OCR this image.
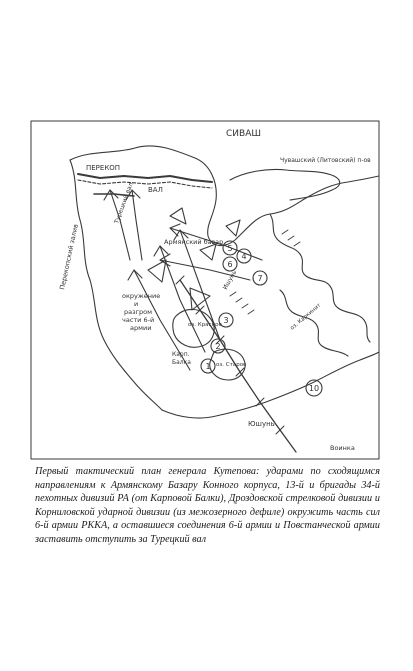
1
2
3
4
5
6
7
10
СИВАШ
ПЕРЕКОП
ВАЛ
Турецкий вал
Перекопский залив	Армянский базар
Чувашский (Литовский) п-ов
окружение
и
разгром
части 6-й
армии
Карп.
Балка
Юшунь
Ишунь
Воинка
оз. Красное
оз. Старое
оз. Каркинит

Первый тактический план генерала Кутепова: ударами по сходящимся направлениям к Армянскому Базару Конного корпуса, 13-й и бригады 34-й пехотных дивизий РА (от Карповой Балки), Дроздовской стрелковой дивизии и Корниловской ударной дивизии (из межозерного дефиле) окружить часть сил 6-й армии РККА, а оставшиеся соединения 6-й армии и Повстанческой армии заставить отступить за Турецкий вал
